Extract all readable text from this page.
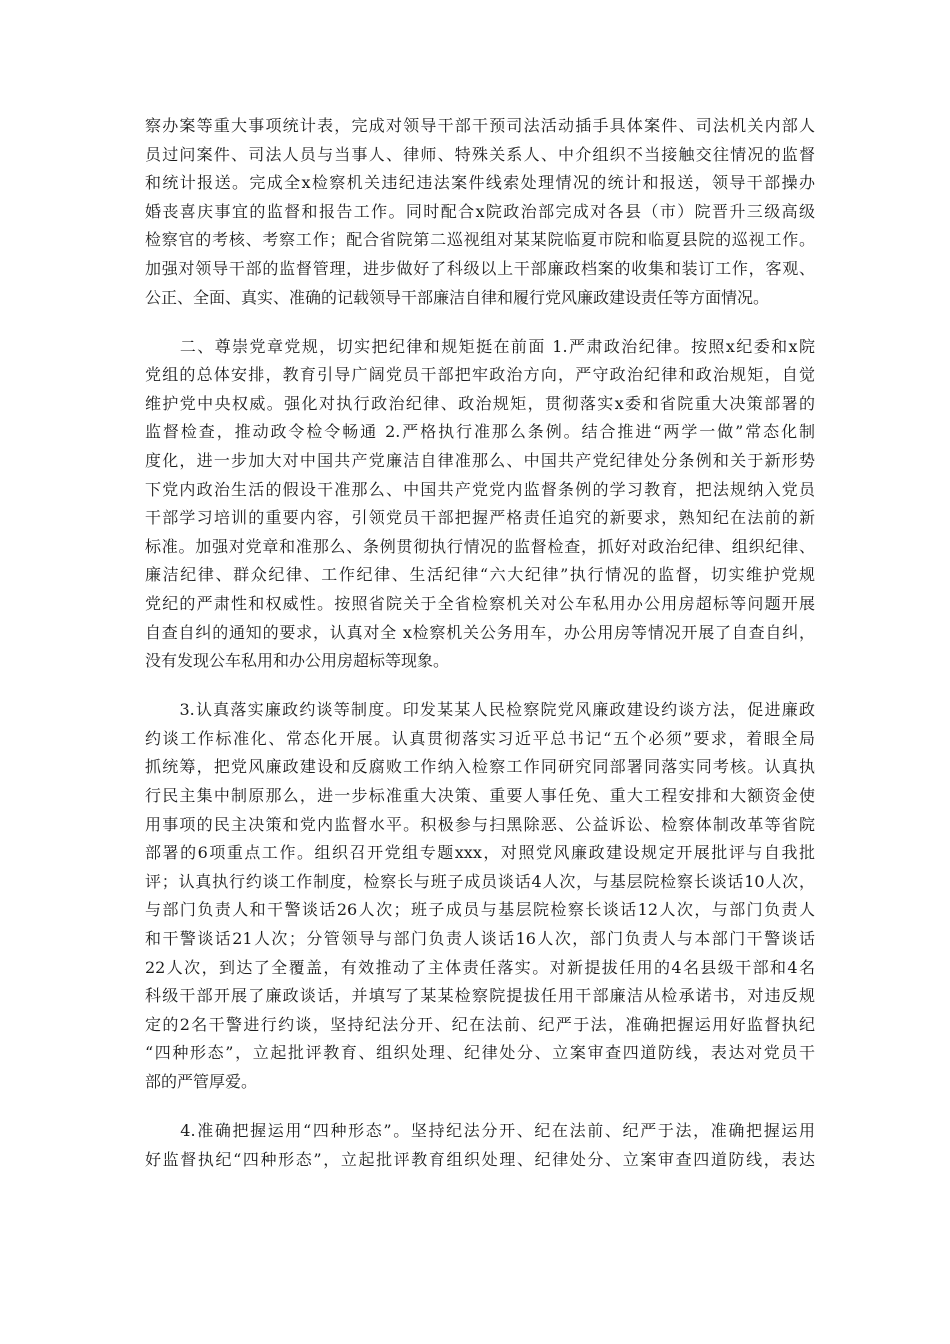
察办案等重大事项统计表，完成对领导干部干预司法活动插手具体案件、司法机关内部人
员过问案件、司法人员与当事人、律师、特殊关系人、中介组织不当接触交往情况的监督
和统计报送。完成全x检察机关违纪违法案件线索处理情况的统计和报送，领导干部操办
婚丧喜庆事宜的监督和报告工作。同时配合x院政治部完成对各县（市）院晋升三级高级
检察官的考核、考察工作；配合省院第二巡视组对某某院临夏市院和临夏县院的巡视工作。
加强对领导干部的监督管理，进步做好了科级以上干部廉政档案的收集和装订工作，客观、
公正、全面、真实、准确的记载领导干部廉洁自律和履行党风廉政建设责任等方面情况。
　　二、尊崇党章党规，切实把纪律和规矩挺在前面 1.严肃政治纪律。按照x纪委和x院
党组的总体安排，教育引导广阔党员干部把牢政治方向，严守政治纪律和政治规矩，自觉
维护党中央权威。强化对执行政治纪律、政治规矩，贯彻落实x委和省院重大决策部署的
监督检查，推动政令检令畅通 2.严格执行准那么条例。结合推进“两学一做”常态化制
度化，进一步加大对中国共产党廉洁自律准那么、中国共产党纪律处分条例和关于新形势
下党内政治生活的假设干准那么、中国共产党党内监督条例的学习教育，把法规纳入党员
干部学习培训的重要内容，引领党员干部把握严格责任追究的新要求，熟知纪在法前的新
标准。加强对党章和准那么、条例贯彻执行情况的监督检查，抓好对政治纪律、组织纪律、
廉洁纪律、群众纪律、工作纪律、生活纪律“六大纪律”执行情况的监督，切实维护党规
党纪的严肃性和权威性。按照省院关于全省检察机关对公车私用办公用房超标等问题开展
自查自纠的通知的要求，认真对全 x检察机关公务用车，办公用房等情况开展了自查自纠，
没有发现公车私用和办公用房超标等现象。
　　3.认真落实廉政约谈等制度。印发某某人民检察院党风廉政建设约谈方法，促进廉政
约谈工作标准化、常态化开展。认真贯彻落实习近平总书记“五个必须”要求，着眼全局
抓统筹，把党风廉政建设和反腐败工作纳入检察工作同研究同部署同落实同考核。认真执
行民主集中制原那么，进一步标准重大决策、重要人事任免、重大工程安排和大额资金使
用事项的民主决策和党内监督水平。积极参与扫黑除恶、公益诉讼、检察体制改革等省院
部署的6项重点工作。组织召开党组专题xxx，对照党风廉政建设规定开展批评与自我批
评；认真执行约谈工作制度，检察长与班子成员谈话4人次，与基层院检察长谈话10人次，
与部门负责人和干警谈话26人次；班子成员与基层院检察长谈话12人次，与部门负责人
和干警谈话21人次；分管领导与部门负责人谈话16人次，部门负责人与本部门干警谈话
22人次，到达了全覆盖，有效推动了主体责任落实。对新提拔任用的4名县级干部和4名
科级干部开展了廉政谈话，并填写了某某检察院提拔任用干部廉洁从检承诺书，对违反规
定的2名干警进行约谈，坚持纪法分开、纪在法前、纪严于法，准确把握运用好监督执纪
“四种形态”，立起批评教育、组织处理、纪律处分、立案审查四道防线，表达对党员干
部的严管厚爱。
　　4.准确把握运用“四种形态”。坚持纪法分开、纪在法前、纪严于法，准确把握运用
好监督执纪“四种形态”，立起批评教育组织处理、纪律处分、立案审查四道防线，表达
